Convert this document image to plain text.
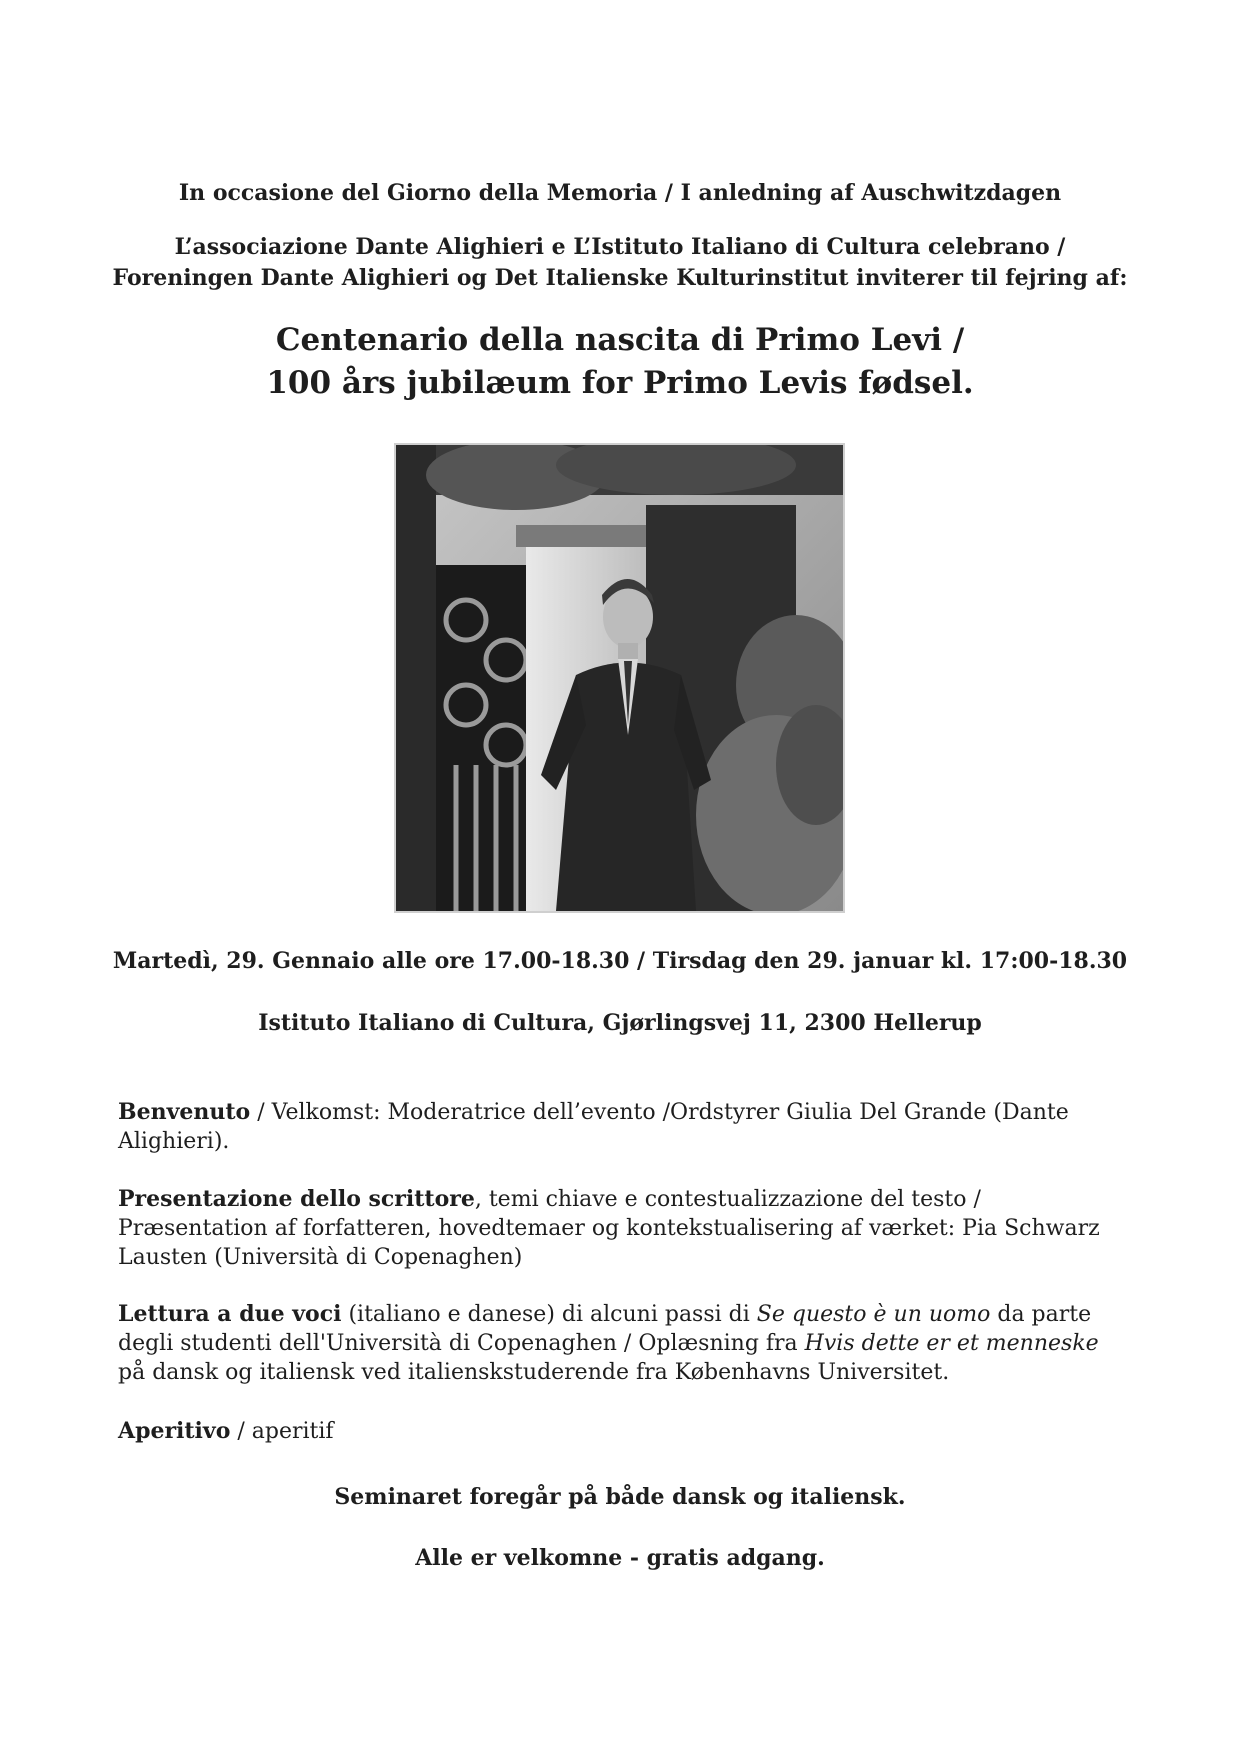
In occasione del Giorno della Memoria / I anledning af Auschwitzdagen
L’associazione Dante Alighieri e L’Istituto Italiano di Cultura celebrano /
Foreningen Dante Alighieri og Det Italienske Kulturinstitut inviterer til fejring af:
Centenario della nascita di Primo Levi /
100 års jubilæum for Primo Levis fødsel.
Martedì, 29. Gennaio alle ore 17.00-18.30 / Tirsdag den 29. januar kl. 17:00-18.30
Istituto Italiano di Cultura, Gjørlingsvej 11, 2300 Hellerup
Benvenuto / Velkomst: Moderatrice dell’evento /Ordstyrer Giulia Del Grande (Dante Alighieri).
Presentazione dello scrittore, temi chiave e contestualizzazione del testo / Præsentation af forfatteren, hovedtemaer og kontekstualisering af værket: Pia Schwarz Lausten (Università di Copenaghen)
Lettura a due voci (italiano e danese) di alcuni passi di Se questo è un uomo da parte degli studenti dell'Università di Copenaghen / Oplæsning fra Hvis dette er et menneske på dansk og italiensk ved italienskstuderende fra Københavns Universitet.
Aperitivo / aperitif
Seminaret foregår på både dansk og italiensk.
Alle er velkomne - gratis adgang.
